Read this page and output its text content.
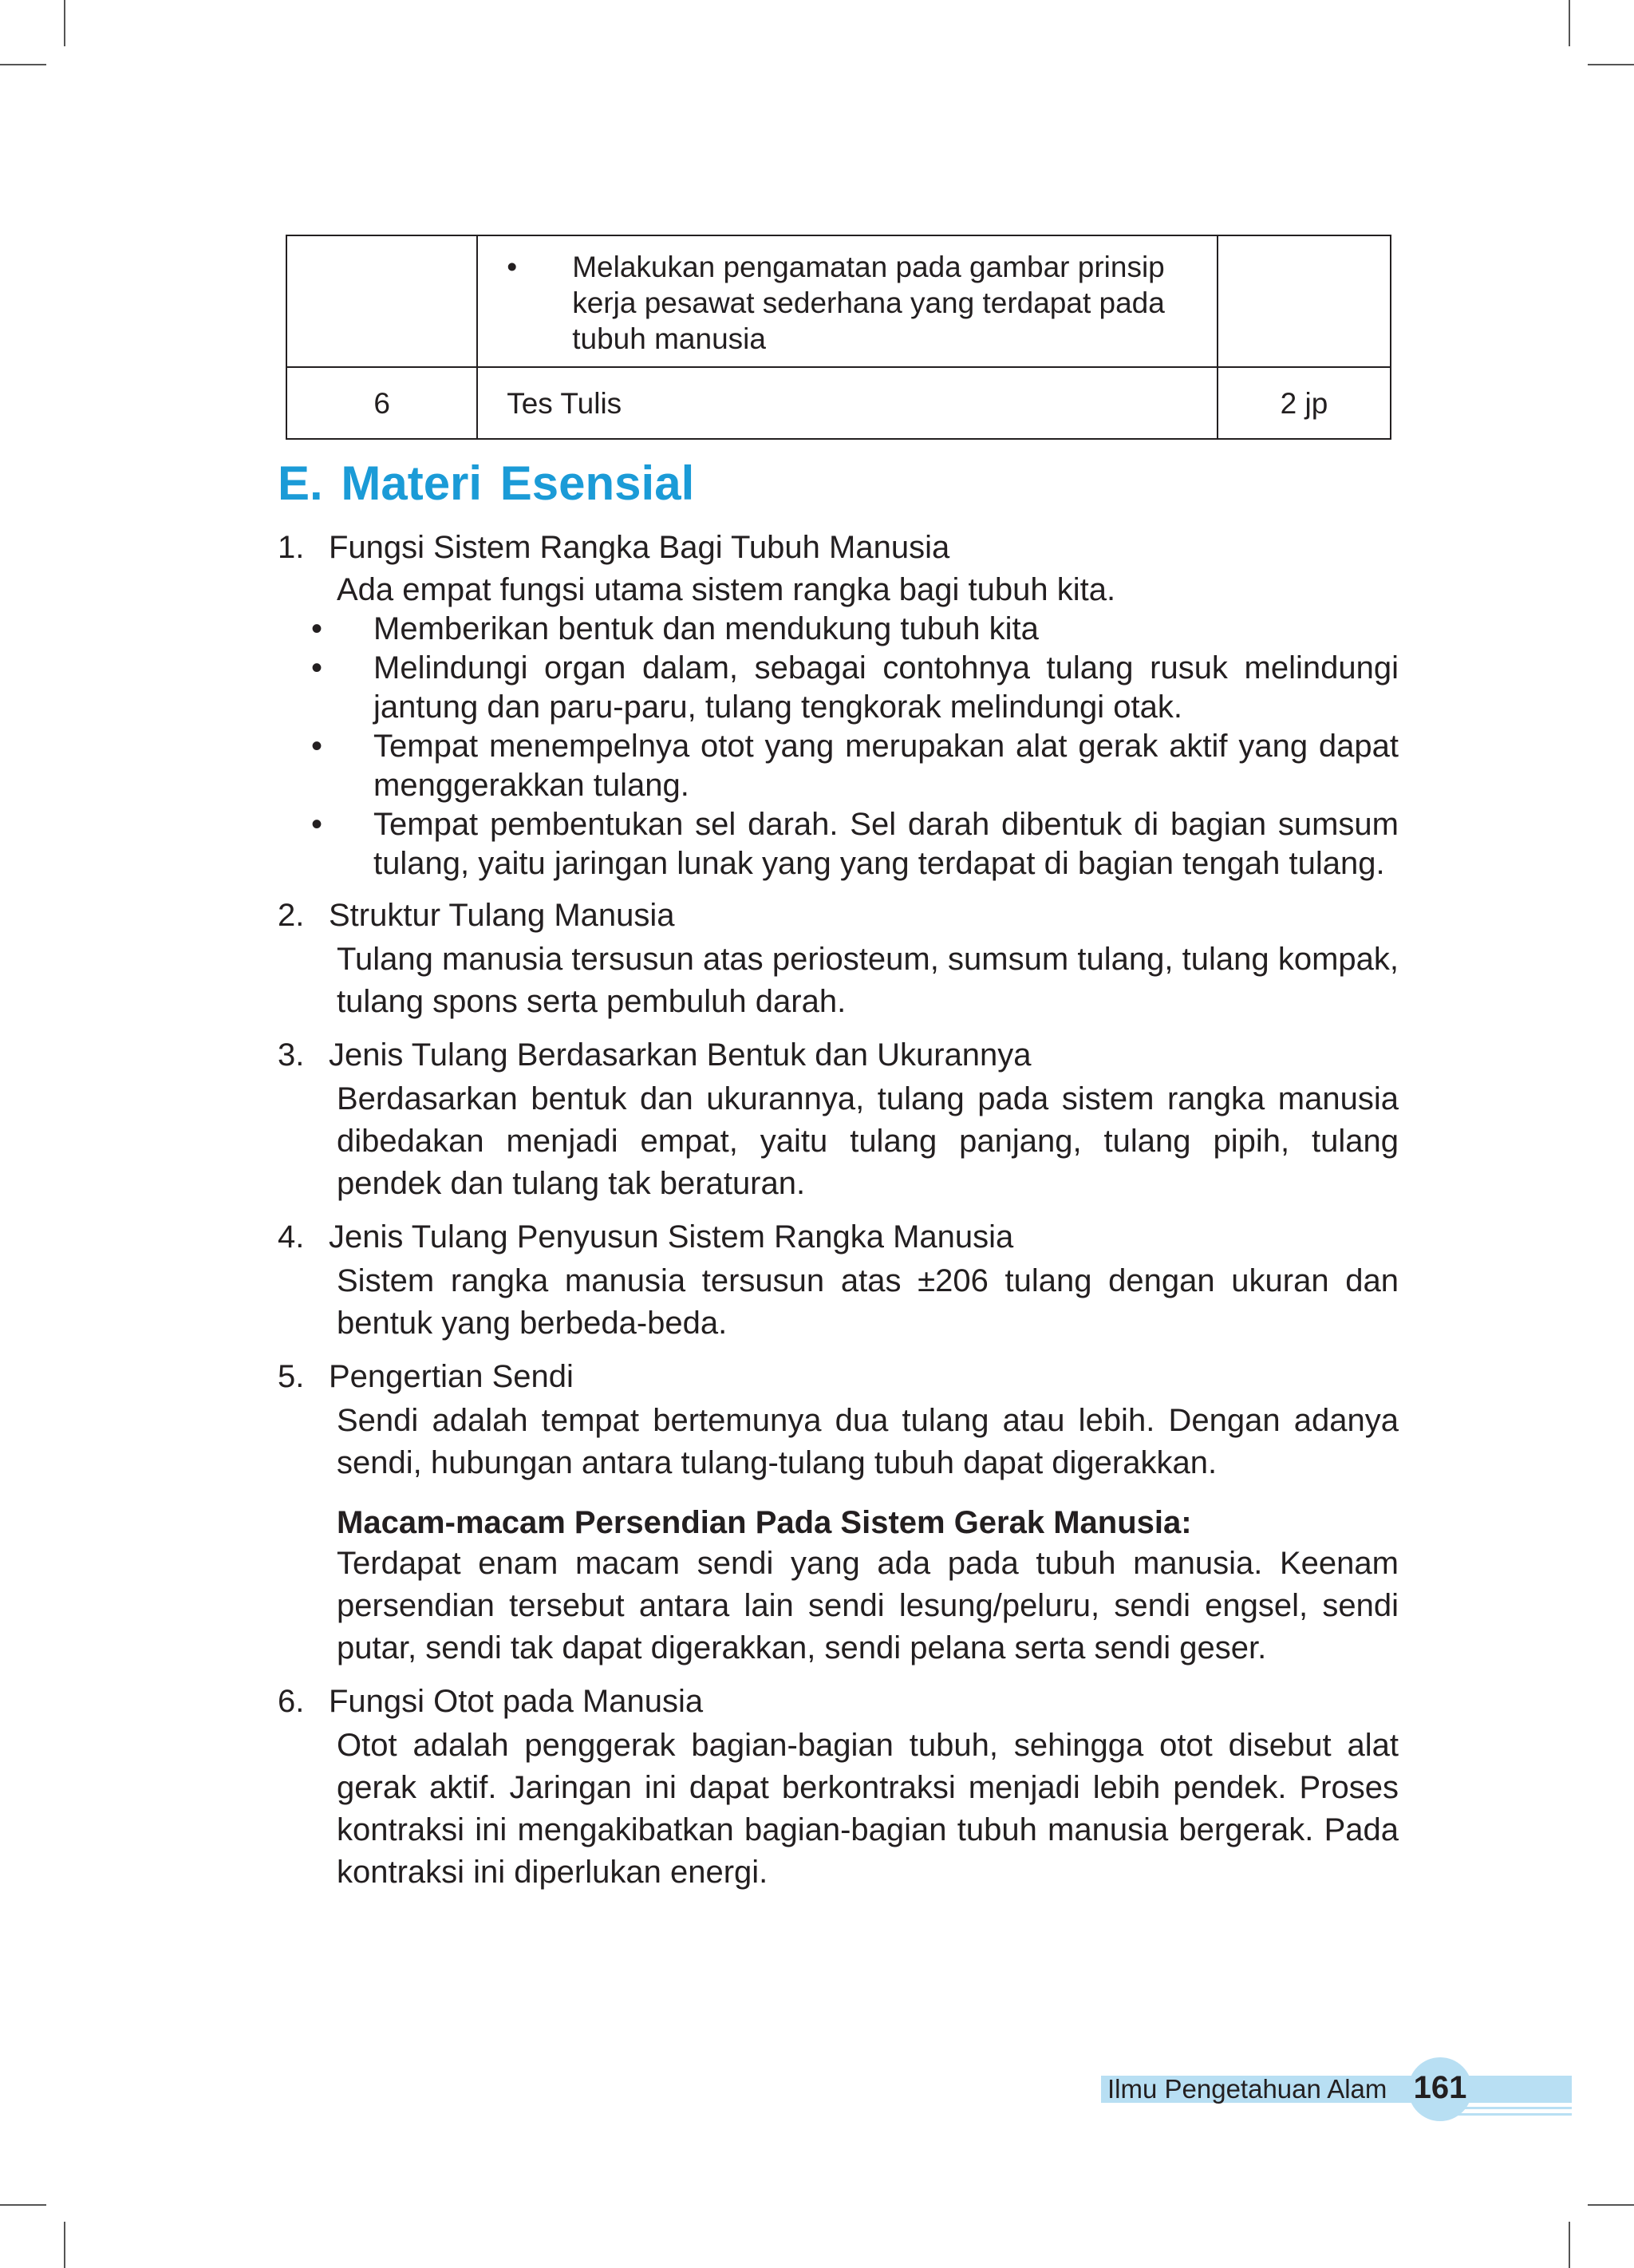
	• Melakukan pengamatan pada gambar prinsip kerja pesawat sederhana yang terdapat pada tubuh manusia	

6	Tes Tulis	2 jp
E. Materi Esensial
1. Fungsi Sistem Rangka Bagi Tubuh Manusia

Ada empat fungsi utama sistem rangka bagi tubuh kita.

•	Memberikan bentuk dan mendukung tubuh kita
•	Melindungi organ dalam, sebagai contohnya tulang rusuk melindungi jantung dan paru-paru, tulang tengkorak melindungi otak.
•	Tempat menempelnya otot yang merupakan alat gerak aktif yang dapat menggerakkan tulang.
•	Tempat pembentukan sel darah. Sel darah dibentuk di bagian sumsum tulang, yaitu jaringan lunak yang yang terdapat di bagian tengah tulang.
2. Struktur Tulang Manusia

Tulang manusia tersusun atas periosteum, sumsum tulang, tulang kompak, tulang spons serta pembuluh darah.

3. Jenis Tulang Berdasarkan Bentuk dan Ukurannya

Berdasarkan bentuk dan ukurannya, tulang pada sistem rangka manusia dibedakan menjadi empat, yaitu tulang panjang, tulang pipih, tulang pendek dan tulang tak beraturan.

4. Jenis Tulang Penyusun Sistem Rangka Manusia

Sistem rangka manusia tersusun atas ±206 tulang dengan ukuran dan bentuk yang berbeda-beda.

5. Pengertian Sendi

Sendi adalah tempat bertemunya dua tulang atau lebih. Dengan adanya sendi, hubungan antara tulang-tulang tubuh dapat digerakkan.

Macam-macam Persendian Pada Sistem Gerak Manusia:

Terdapat enam macam sendi yang ada pada tubuh manusia. Keenam persendian tersebut antara lain sendi lesung/peluru, sendi engsel, sendi putar, sendi tak dapat digerakkan, sendi pelana serta sendi geser.

6. Fungsi Otot pada Manusia

Otot adalah penggerak bagian-bagian tubuh, sehingga otot disebut alat gerak aktif. Jaringan ini dapat berkontraksi menjadi lebih pendek. Proses kontraksi ini mengakibatkan bagian-bagian tubuh manusia bergerak. Pada kontraksi ini diperlukan energi.

Ilmu Pengetahuan Alam 161
